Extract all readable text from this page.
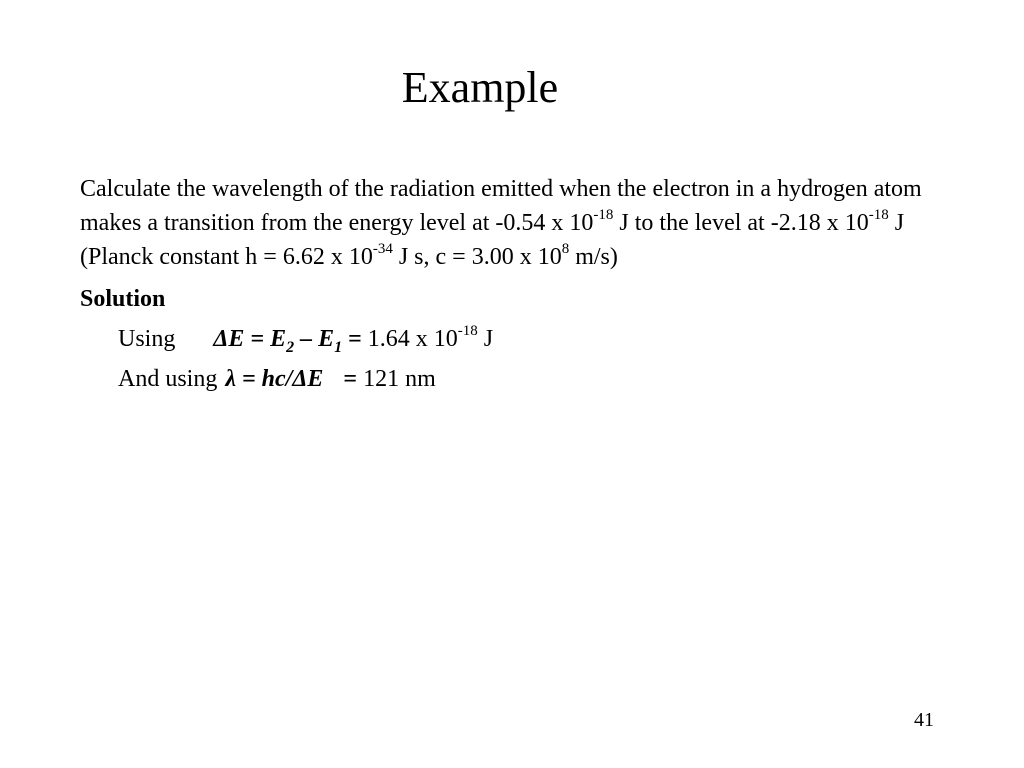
Example

Calculate the wavelength of the radiation emitted when the electron in a hydrogen atom makes a transition from the energy level at -0.54 x $10^{-18}$ J to the level at -2.18 x $10^{-18}$ J (Planck constant h = 6.62 x $10^{-34}$ J s, c = 3.00 x $10^8$ m/s)

Solution

Using $\Delta E = E_2 - E_1 = 1.64$ x $10^{-18}$ J

And using λ = hc/ΔE = 121 nm

41
